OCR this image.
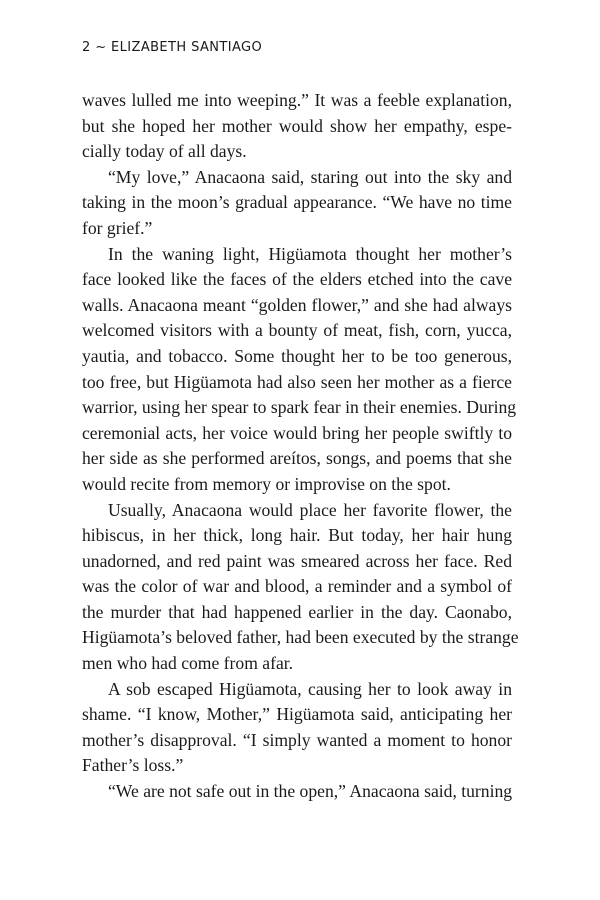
2 ~ ELIZABETH SANTIAGO
waves lulled me into weeping.” It was a feeble explanation,
but she hoped her mother would show her empathy, espe-
cially today of all days.
“My love,” Anacaona said, staring out into the sky and
taking in the moon’s gradual appearance. “We have no time
for grief.”
In the waning light, Higüamota thought her mother’s
face looked like the faces of the elders etched into the cave
walls. Anacaona meant “golden flower,” and she had always
welcomed visitors with a bounty of meat, fish, corn, yucca,
yautia, and tobacco. Some thought her to be too generous,
too free, but Higüamota had also seen her mother as a fierce
warrior, using her spear to spark fear in their enemies. During
ceremonial acts, her voice would bring her people swiftly to
her side as she performed areítos, songs, and poems that she
would recite from memory or improvise on the spot.
Usually, Anacaona would place her favorite flower, the
hibiscus, in her thick, long hair. But today, her hair hung
unadorned, and red paint was smeared across her face. Red
was the color of war and blood, a reminder and a symbol of
the murder that had happened earlier in the day. Caonabo,
Higüamota’s beloved father, had been executed by the strange
men who had come from afar.
A sob escaped Higüamota, causing her to look away in
shame. “I know, Mother,” Higüamota said, anticipating her
mother’s disapproval. “I simply wanted a moment to honor
Father’s loss.”
“We are not safe out in the open,” Anacaona said, turning
